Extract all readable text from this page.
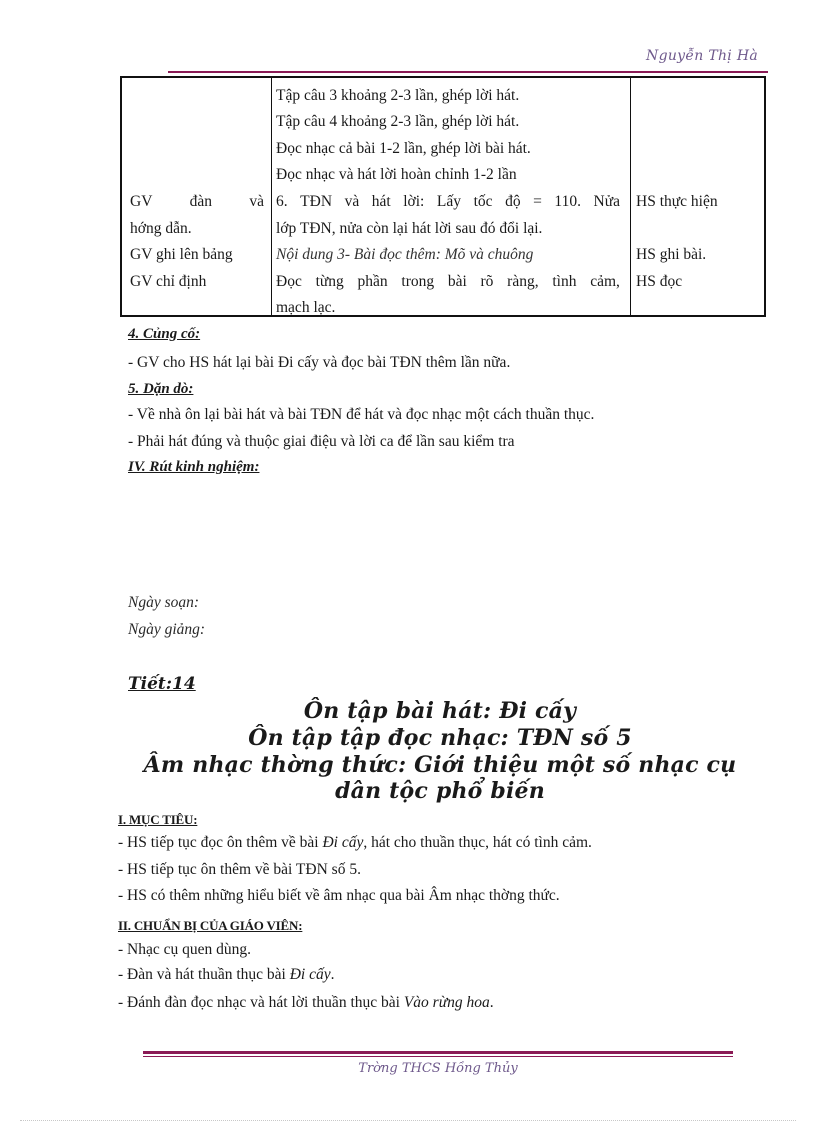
Nguyễn Thị Hà
GV đàn và
hớng dẫn.
GV ghi lên bảng
GV chỉ định
Tập câu 3 khoảng 2-3 lần, ghép lời hát.
Tập câu 4 khoảng 2-3 lần, ghép lời hát.
Đọc nhạc cả bài 1-2 lần, ghép lời bài hát.
Đọc nhạc và hát lời hoàn chỉnh 1-2 lần
6. TĐN và hát lời: Lấy tốc độ = 110. Nửa
lớp TĐN, nửa còn lại hát lời sau đó đổi lại.
Nội dung 3- Bài đọc thêm: Mõ và chuông
Đọc từng phần trong bài rõ ràng, tình cảm,
mạch lạc.
HS thực hiện
HS ghi bài.
HS đọc
4. Củng cố:
- GV cho HS hát lại bài Đi cấy và đọc bài TĐN thêm lần nữa.
5. Dặn dò:
- Về nhà ôn lại bài hát và bài TĐN để hát và đọc nhạc một cách thuần thục.
- Phải hát đúng và thuộc giai điệu và lời ca để lần sau kiểm tra
IV. Rút kinh nghiệm:
Ngày soạn:
Ngày giảng:
Tiết:14
Ôn tập bài hát: Đi cấy
Ôn tập tập đọc nhạc: TĐN số 5
Âm nhạc thờng thức: Giới thiệu một số nhạc cụ
dân tộc phổ biến
I. MỤC TIÊU:
- HS tiếp tục đọc ôn thêm về bài Đi cấy, hát cho thuần thục, hát có tình cảm.
- HS tiếp tục ôn thêm về bài TĐN số 5.
- HS có thêm những hiểu biết về âm nhạc qua bài Âm nhạc thờng thức.
II. CHUẨN BỊ CỦA GIÁO VIÊN:
- Nhạc cụ quen dùng.
- Đàn và hát thuần thục bài Đi cấy.
- Đánh đàn đọc nhạc và hát lời thuần thục bài Vào rừng hoa.
Trờng THCS Hồng Thủy
